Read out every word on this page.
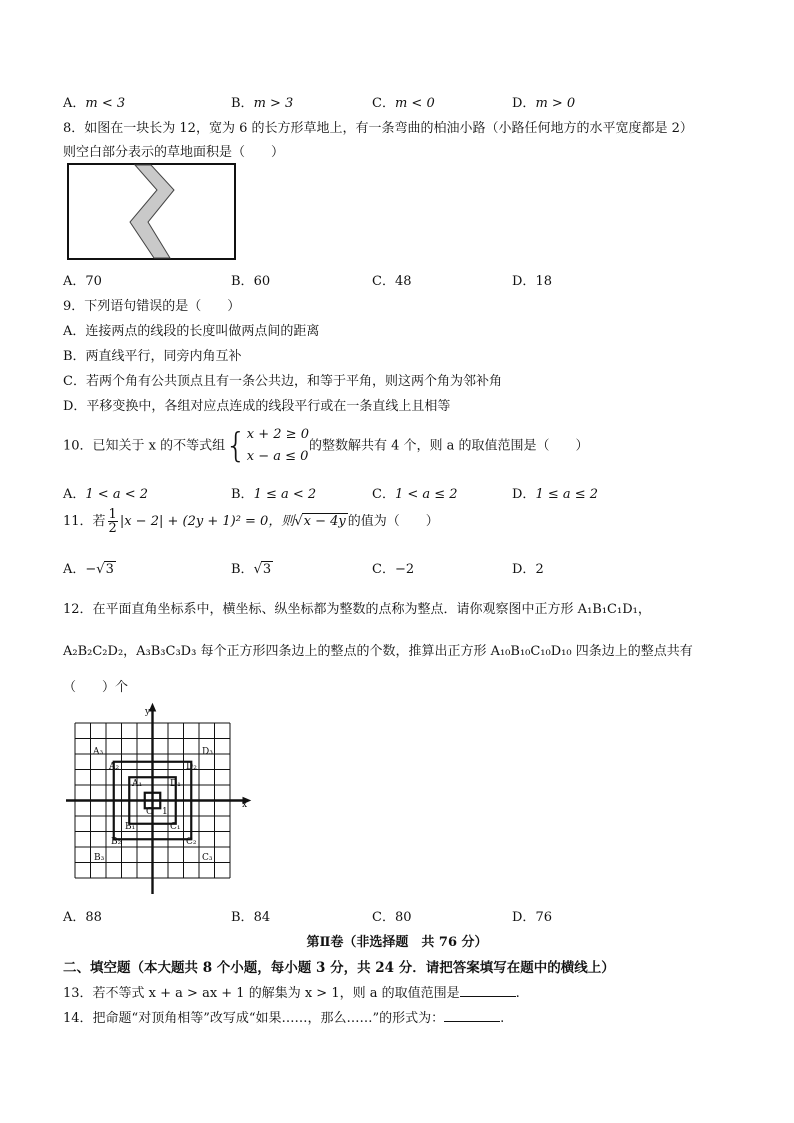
A．m < 3	B．m > 3	C．m < 0	D．m > 0
8．如图在一块长为 12，宽为 6 的长方形草地上，有一条弯曲的柏油小路（小路任何地方的水平宽度都是 2）
则空白部分表示的草地面积是（　　）
A．70	B．60	C．48	D．18
9．下列语句错误的是（　　）
A．连接两点的线段的长度叫做两点间的距离
B．两直线平行，同旁内角互补
C．若两个角有公共顶点且有一条公共边，和等于平角，则这两个角为邻补角
D．平移变换中，各组对应点连成的线段平行或在一条直线上且相等
10．已知关于 x 的不等式组{ x + 2 ≥ 0
x − a ≤ 0
的整数解共有 4 个，则 a 的取值范围是（　　）
A．1 < a < 2	B．1 ≤ a < 2	C．1 < a ≤ 2	D．1 ≤ a ≤ 2
11．若 $\frac{1}{2} |x - 2| + (2y + 1)^2 = 0$，则√x − 4y 的值为（　　）
A．−√3	B．√3	C．−2	D．2
12．在平面直角坐标系中，横坐标、纵坐标都为整数的点称为整点．请你观察图中正方形 A₁B₁C₁D₁，
A₂B₂C₂D₂，A₃B₃C₃D₃ 每个正方形四条边上的整点的个数，推算出正方形 A₁₀B₁₀C₁₀D₁₀ 四条边上的整点共有
（　　）个
x
y
O 1
A₁	D₁
B₁	C₁
A₂	D₂
B₂	C₂
A₃	D₃
B₃	C₃
A．88	B．84	C．80	D．76
第Ⅱ卷（非选择题　共 76 分）
二、填空题（本大题共 8 个小题，每小题 3 分，共 24 分．请把答案填写在题中的横线上）
13．若不等式 x + a > ax + 1 的解集为 x > 1，则 a 的取值范围是	.
14．把命题“对顶角相等”改写成“如果……，那么……”的形式为：	.
